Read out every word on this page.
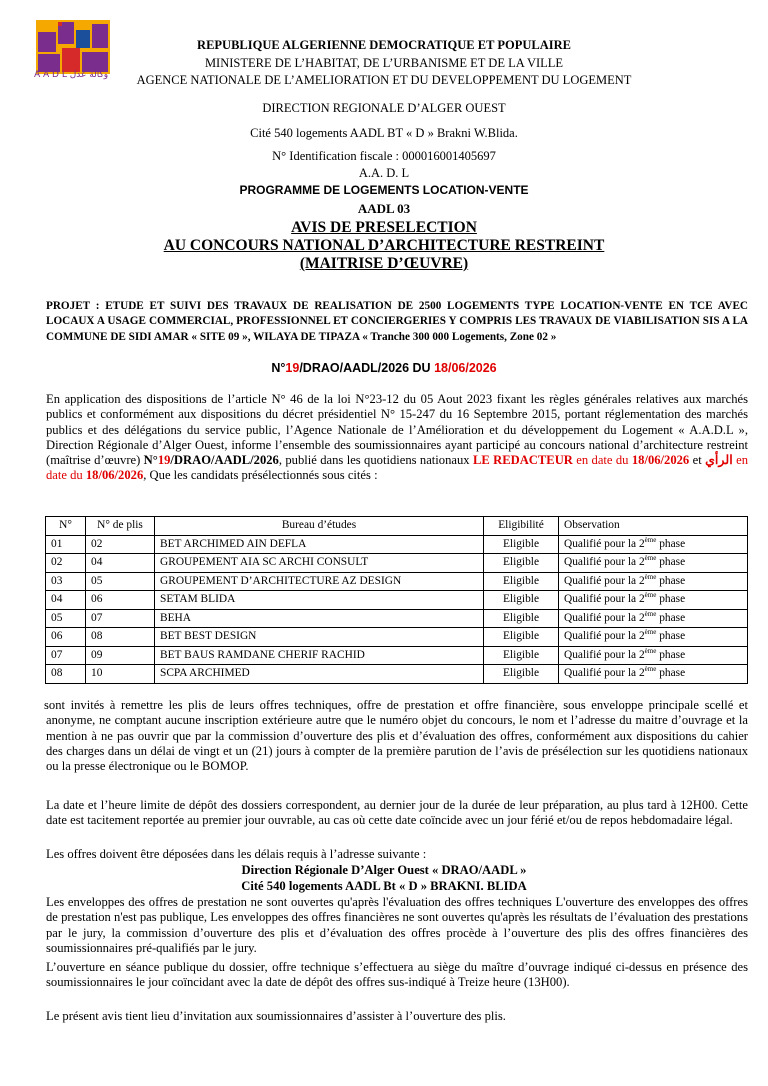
A A D L وكالة عدل
REPUBLIQUE ALGERIENNE DEMOCRATIQUE ET POPULAIRE
MINISTERE DE L’HABITAT, DE L’URBANISME ET DE LA VILLE
AGENCE NATIONALE DE L’AMELIORATION ET DU DEVELOPPEMENT DU LOGEMENT
DIRECTION REGIONALE D’ALGER OUEST
Cité 540 logements AADL BT « D » Brakni W.Blida.
N° Identification fiscale : 000016001405697
A.A. D. L
PROGRAMME DE LOGEMENTS LOCATION-VENTE
AADL 03
AVIS DE PRESELECTION
AU CONCOURS NATIONAL D’ARCHITECTURE RESTREINT
(MAITRISE D’ŒUVRE)
PROJET : ETUDE ET SUIVI DES TRAVAUX DE REALISATION DE 2500 LOGEMENTS TYPE LOCATION-VENTE EN TCE AVEC LOCAUX A USAGE COMMERCIAL, PROFESSIONNEL ET CONCIERGERIES Y COMPRIS LES TRAVAUX DE VIABILISATION SIS A LA COMMUNE DE SIDI AMAR « SITE 09 », WILAYA DE TIPAZA « Tranche 300 000 Logements, Zone 02 »
N°19/DRAO/AADL/2026 DU 18/06/2026
En application des dispositions de l’article N° 46 de la loi N°23-12 du 05 Aout 2023 fixant les règles générales relatives aux marchés publics et conformément aux dispositions du décret présidentiel N° 15-247 du 16 Septembre 2015, portant réglementation des marchés publics et des délégations du service public, l’Agence Nationale de l’Amélioration et du développement du Logement « A.A.D.L », Direction Régionale d’Alger Ouest, informe l’ensemble des soumissionnaires ayant participé au concours national d’architecture restreint (maîtrise d’œuvre) N°19/DRAO/AADL/2026, publié dans les quotidiens nationaux LE REDACTEUR en date du 18/06/2026 et الرأي en date du 18/06/2026, Que les candidats présélectionnés sous cités :
N°	N° de plis	Bureau d’études	Eligibilité	Observation
01	02	BET ARCHIMED AIN DEFLA	Eligible	Qualifié pour la 2ème phase
02	04	GROUPEMENT AIA SC ARCHI CONSULT	Eligible	Qualifié pour la 2ème phase
03	05	GROUPEMENT D’ARCHITECTURE AZ DESIGN	Eligible	Qualifié pour la 2ème phase
04	06	SETAM BLIDA	Eligible	Qualifié pour la 2ème phase
05	07	BEHA	Eligible	Qualifié pour la 2ème phase
06	08	BET BEST DESIGN	Eligible	Qualifié pour la 2ème phase
07	09	BET BAUS RAMDANE CHERIF RACHID	Eligible	Qualifié pour la 2ème phase
08	10	SCPA ARCHIMED	Eligible	Qualifié pour la 2ème phase
sont invités à remettre les plis de leurs offres techniques, offre de prestation et offre financière, sous enveloppe principale scellé et anonyme, ne comptant aucune inscription extérieure autre que le numéro objet du concours, le nom et l’adresse du maitre d’ouvrage et la mention à ne pas ouvrir que par la commission d’ouverture des plis et d’évaluation des offres, conformément aux dispositions du cahier des charges dans un délai de vingt et un (21) jours à compter de la première parution de l’avis de présélection sur les quotidiens nationaux ou la presse électronique ou le BOMOP.
La date et l’heure limite de dépôt des dossiers correspondent, au dernier jour de la durée de leur préparation, au plus tard à 12H00. Cette date est tacitement reportée au premier jour ouvrable, au cas où cette date coïncide avec un jour férié et/ou de repos hebdomadaire légal.
Les offres doivent être déposées dans les délais requis à l’adresse suivante :
Direction Régionale D’Alger Ouest « DRAO/AADL »
Cité 540 logements AADL Bt « D » BRAKNI. BLIDA
Les enveloppes des offres de prestation ne sont ouvertes qu'après l'évaluation des offres techniques L'ouverture des enveloppes des offres de prestation n'est pas publique, Les enveloppes des offres financières ne sont ouvertes qu'après les résultats de l’évaluation des prestations par le jury, la commission d’ouverture des plis et d’évaluation des offres procède à l’ouverture des plis des offres financières des soumissionnaires pré-qualifiés par le jury.
L’ouverture en séance publique du dossier, offre technique s’effectuera au siège du maître d’ouvrage indiqué ci-dessus en présence des soumissionnaires le jour coïncidant avec la date de dépôt des offres sus-indiqué à Treize heure (13H00).
Le présent avis tient lieu d’invitation aux soumissionnaires d’assister à l’ouverture des plis.
